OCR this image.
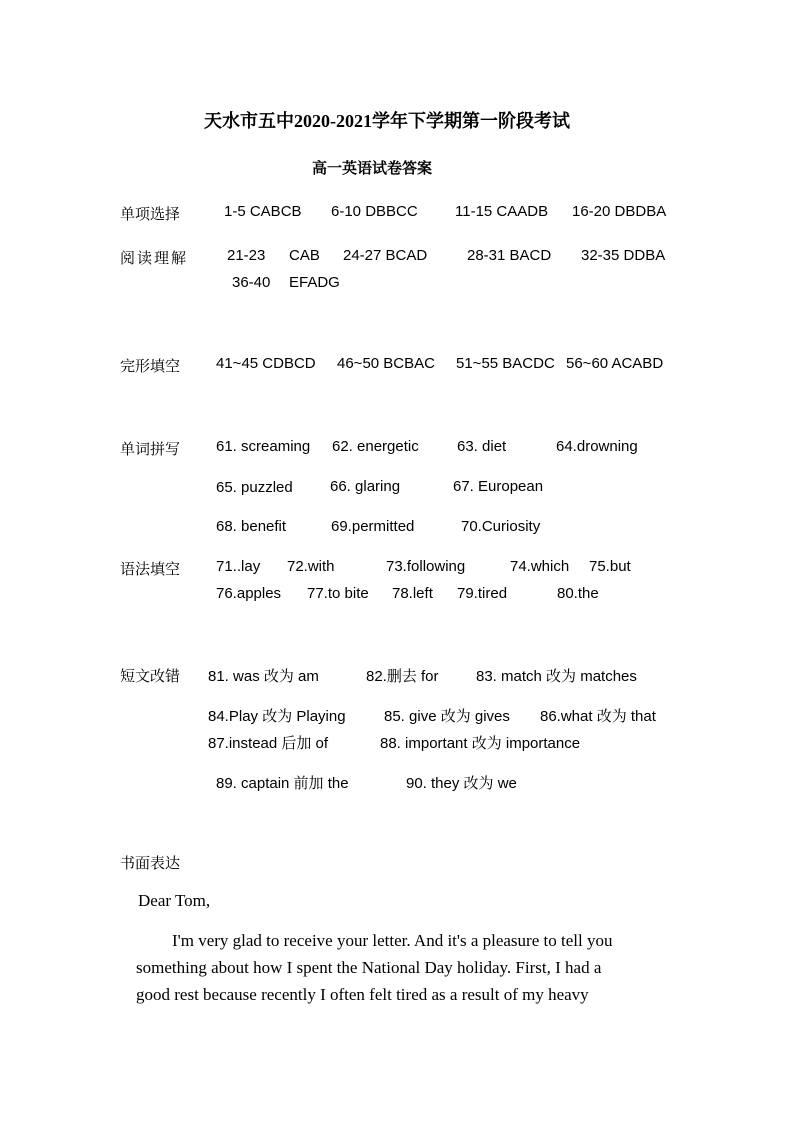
天水市五中2020-2021学年下学期第一阶段考试
高一英语试卷答案
单项选择	1-5 CABCB 6-10 DBBCC 11-15 CAADB 16-20 DBDBA
阅读理解	21-23 CAB 24-27 BCAD	28-31 BACD 32-35 DDBA
36-40 EFADG
完形填空 41~45 CDBCD 46~50 BCBAC 51~55 BACDC 56~60 ACABD
单词拼写 61. screaming 62. energetic	63. diet	64.drowning
65. puzzled 66. glaring	67. European
68. benefit	69.permitted	70.Curiosity
语法填空 71..lay 72.with	73.following	74.which 75.but
76.apples 77.to bite 78.left 79.tired	80.the
短文改错 81. was 改为 am	82.删去 for 83. match 改为 matches
84.Play 改为 Playing	85. give 改为 gives 86.what 改为 that
87.instead 后加 of	88. important 改为 importance
89. captain 前加 the	90. they 改为 we
书面表达
Dear Tom,
I'm very glad to receive your letter. And it's a pleasure to tell you
something about how I spent the National Day holiday. First, I had a
good rest because recently I often felt tired as a result of my heavy
